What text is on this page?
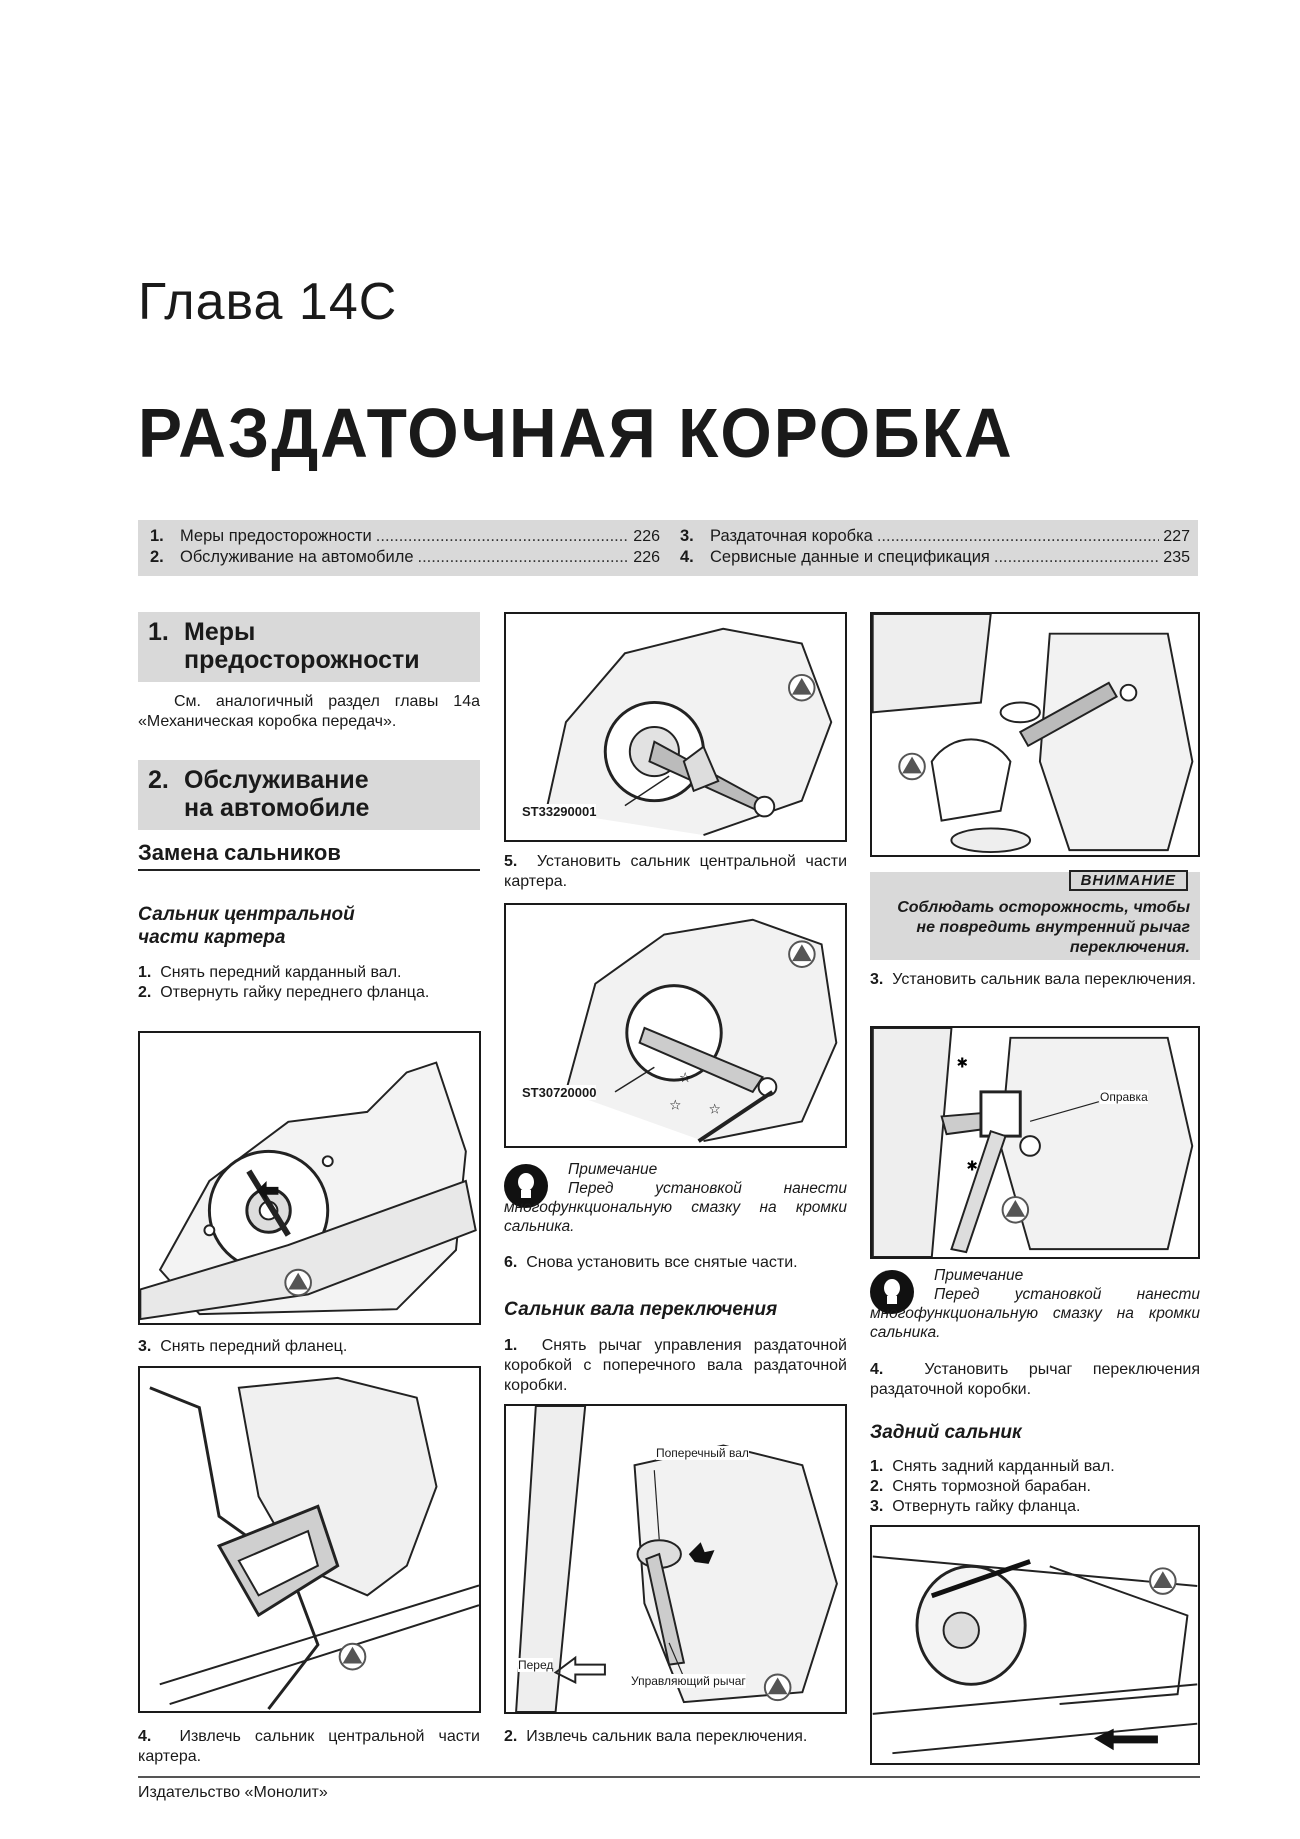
Глава 14С
РАЗДАТОЧНАЯ КОРОБКА
1. Меры предосторожности .....	226
2. Обслуживание на автомобиле .....	226
3. Раздаточная коробка .....	227
4. Сервисные данные и спецификация .....	235
1. Меры
предосторожности

См. аналогичный раздел главы 14а «Механическая коробка передач».

2. Обслуживание
на автомобиле
Замена сальников
Сальник центральной
части картера
1. Снять передний карданный вал.
2. Отвернуть гайку переднего фланца.
3. Снять передний фланец.
4. Извлечь сальник центральной части картера.
ST33290001
5. Установить сальник центральной части картера.
☆
☆
☆
ST30720000
Примечание
Перед установкой нанести многофункциональную смазку на кромки сальника.
6. Снова установить все снятые части.
Сальник вала переключения
1. Снять рычаг управления раздаточной коробкой с поперечного вала раздаточной коробки.
Поперечный вал
Перед
Управляющий рычаг
2. Извлечь сальник вала переключения.
ВНИМАНИЕ
Соблюдать осторожность, чтобы не повредить внутренний рычаг переключения.
3. Установить сальник вала переключения.
✱
✱
Оправка
Примечание
Перед установкой нанести многофункциональную смазку на кромки сальника.
4.	Установить рычаг переключения раздаточной коробки.
Задний сальник
1. Снять задний карданный вал.
2. Снять тормозной барабан.
3. Отвернуть гайку фланца.
Издательство «Монолит»
